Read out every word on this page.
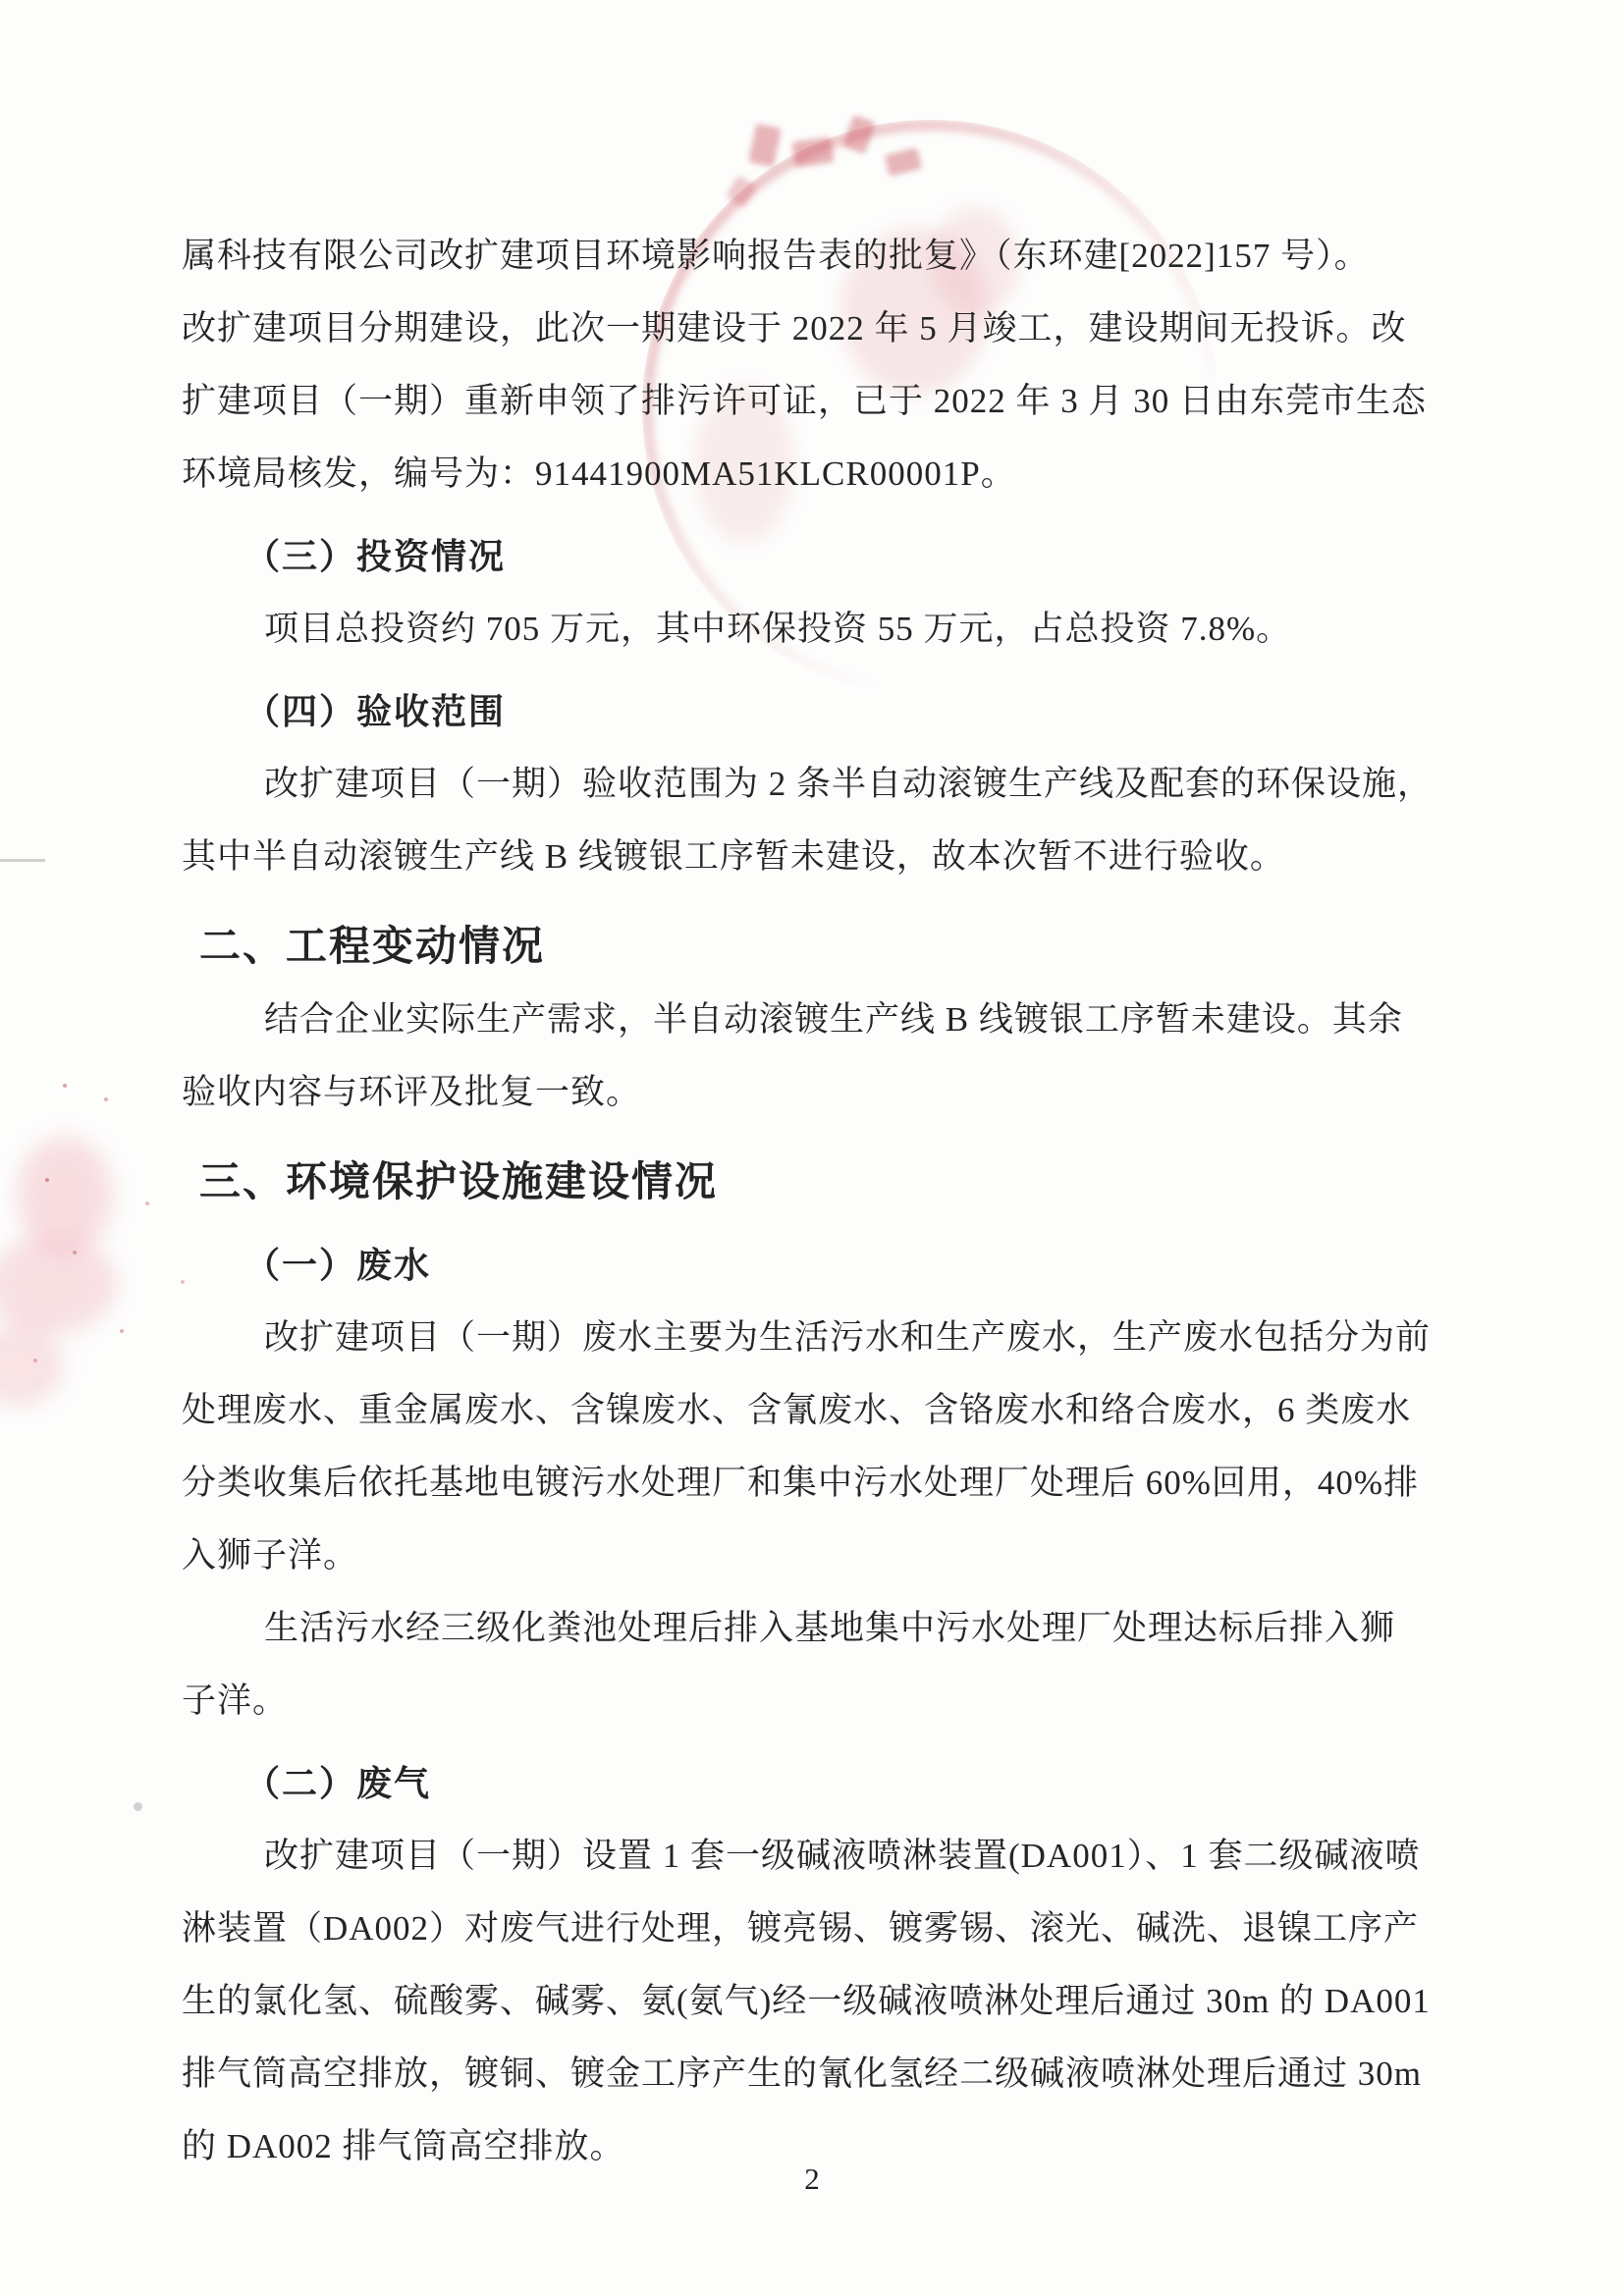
属科技有限公司改扩建项目环境影响报告表的批复》（东环建[2022]157 号）。
改扩建项目分期建设，此次一期建设于 2022 年 5 月竣工，建设期间无投诉。改
扩建项目（一期）重新申领了排污许可证，已于 2022 年 3 月 30 日由东莞市生态
环境局核发，编号为：91441900MA51KLCR00001P。
（三）投资情况
项目总投资约 705 万元，其中环保投资 55 万元，占总投资 7.8%。
（四）验收范围
改扩建项目（一期）验收范围为 2 条半自动滚镀生产线及配套的环保设施，
其中半自动滚镀生产线 B 线镀银工序暂未建设，故本次暂不进行验收。
二、工程变动情况
结合企业实际生产需求，半自动滚镀生产线 B 线镀银工序暂未建设。其余
验收内容与环评及批复一致。
三、环境保护设施建设情况
（一）废水
改扩建项目（一期）废水主要为生活污水和生产废水，生产废水包括分为前
处理废水、重金属废水、含镍废水、含氰废水、含铬废水和络合废水，6 类废水
分类收集后依托基地电镀污水处理厂和集中污水处理厂处理后 60%回用，40%排
入狮子洋。
生活污水经三级化粪池处理后排入基地集中污水处理厂处理达标后排入狮
子洋。
（二）废气
改扩建项目（一期）设置 1 套一级碱液喷淋装置(DA001）、1 套二级碱液喷
淋装置（DA002）对废气进行处理，镀亮锡、镀雾锡、滚光、碱洗、退镍工序产
生的氯化氢、硫酸雾、碱雾、氨(氨气)经一级碱液喷淋处理后通过 30m 的 DA001
排气筒高空排放，镀铜、镀金工序产生的氰化氢经二级碱液喷淋处理后通过 30m
的 DA002 排气筒高空排放。
2
